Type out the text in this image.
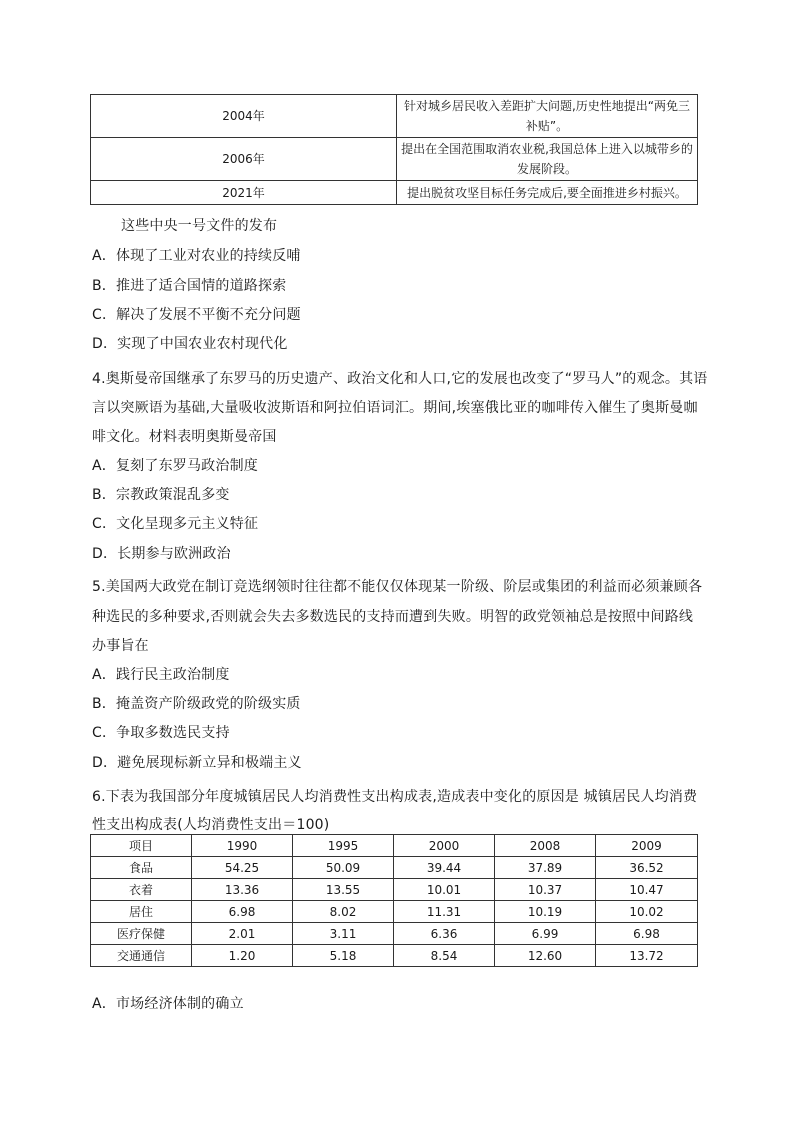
2004年	针对城乡居民收入差距扩大问题,历史性地提出“两免三补贴”。
2006年	提出在全国范围取消农业税,我国总体上进入以城带乡的发展阶段。
2021年	提出脱贫攻坚目标任务完成后,要全面推进乡村振兴。
这些中央一号文件的发布
A．体现了工业对农业的持续反哺
B．推进了适合国情的道路探索
C．解决了发展不平衡不充分问题
D．实现了中国农业农村现代化
4.奥斯曼帝国继承了东罗马的历史遗产、政治文化和人口,它的发展也改变了“罗马人”的观念。其语
言以突厥语为基础,大量吸收波斯语和阿拉伯语词汇。期间,埃塞俄比亚的咖啡传入催生了奥斯曼咖
啡文化。材料表明奥斯曼帝国
A．复刻了东罗马政治制度
B．宗教政策混乱多变
C．文化呈现多元主义特征
D．长期参与欧洲政治
5.美国两大政党在制订竞选纲领时往往都不能仅仅体现某一阶级、阶层或集团的利益而必须兼顾各
种选民的多种要求,否则就会失去多数选民的支持而遭到失败。明智的政党领袖总是按照中间路线
办事旨在
A．践行民主政治制度
B．掩盖资产阶级政党的阶级实质
C．争取多数选民支持
D．避免展现标新立异和极端主义
6.下表为我国部分年度城镇居民人均消费性支出构成表,造成表中变化的原因是 城镇居民人均消费
性支出构成表(人均消费性支出＝100)
项目	1990	1995	2000	2008	2009
食品	54.25	50.09	39.44	37.89	36.52
衣着	13.36	13.55	10.01	10.37	10.47
居住	6.98	8.02	11.31	10.19	10.02
医疗保健	2.01	3.11	6.36	6.99	6.98
交通通信	1.20	5.18	8.54	12.60	13.72
A．市场经济体制的确立
